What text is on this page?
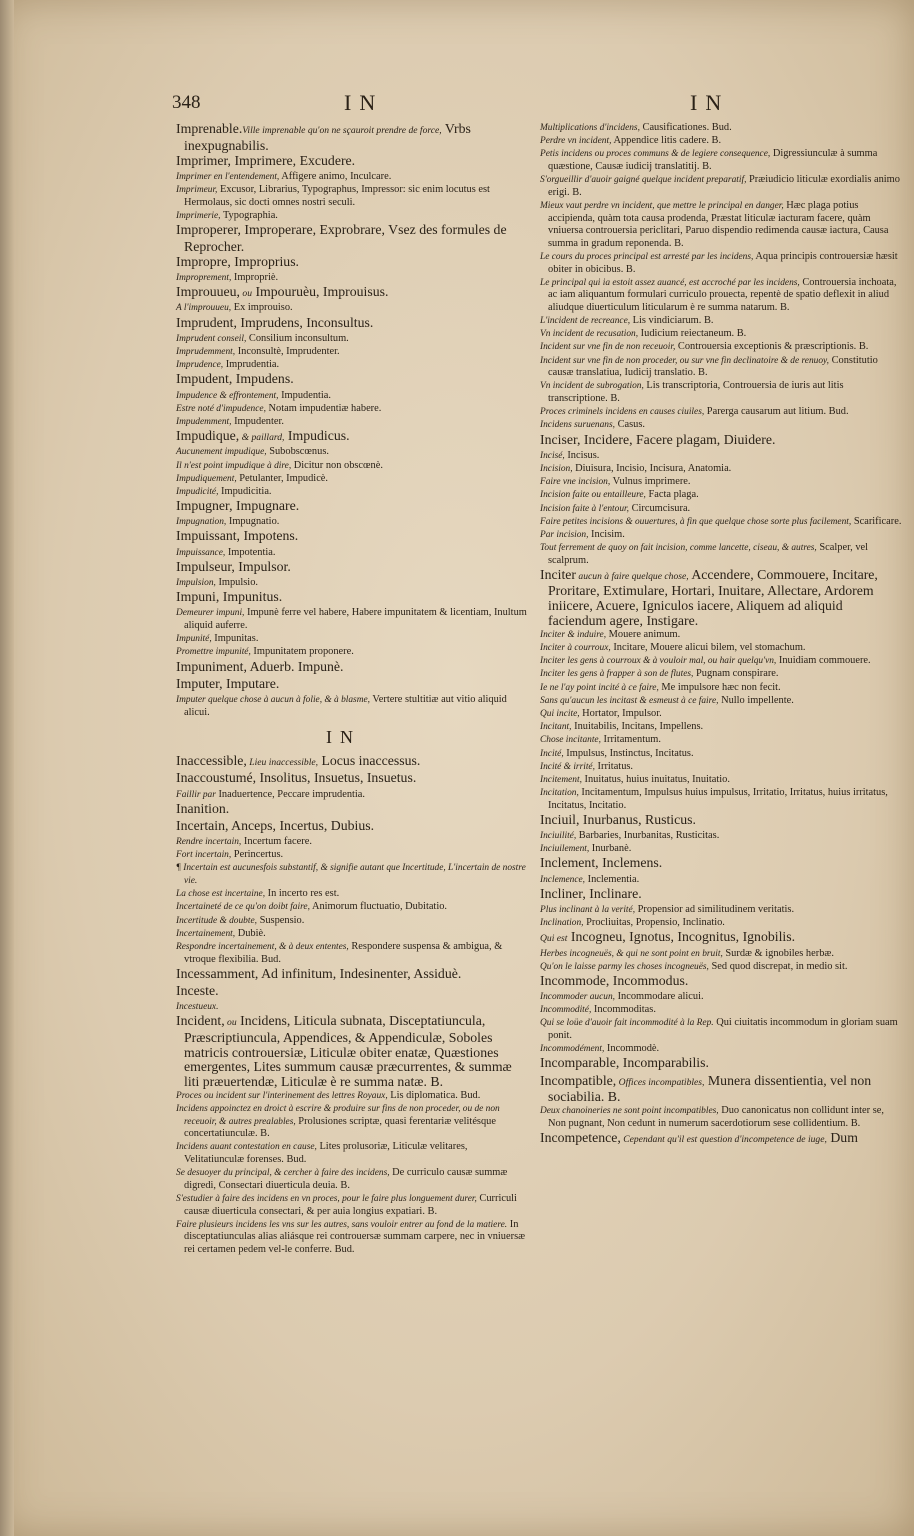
348	IN	IN

Imprenable.Ville imprenable qu'on ne sçauroit prendre de force, Vrbs inexpugnabilis.

Imprimer, Imprimere, Excudere.

Imprimer en l'entendement, Affigere animo, Inculcare.

Imprimeur, Excusor, Librarius, Typographus, Impressor: sic enim locutus est Hermolaus, sic docti omnes nostri seculi.

Imprimerie, Typographia.

Improperer, Improperare, Exprobrare, Vsez des formules de Reprocher.

Impropre, Improprius.

Improprement, Impropriè.

Improuueu, ou Impouruèu, Improuisus.

A l'improuueu, Ex improuiso.

Imprudent, Imprudens, Inconsultus.

Imprudent conseil, Consilium inconsultum.

Imprudemment, Inconsultè, Imprudenter.

Imprudence, Imprudentia.

Impudent, Impudens.

Impudence & effrontement, Impudentia.

Estre noté d'impudence, Notam impudentiæ habere.

Impudemment, Impudenter.

Impudique, & paillard, Impudicus.

Aucunement impudique, Subobscœnus.

Il n'est point impudique à dire, Dicitur non obscœnè.

Impudiquement, Petulanter, Impudicè.

Impudicité, Impudicitia.

Impugner, Impugnare.

Impugnation, Impugnatio.

Impuissant, Impotens.

Impuissance, Impotentia.

Impulseur, Impulsor.

Impulsion, Impulsio.

Impuni, Impunitus.

Demeurer impuni, Impunè ferre vel habere, Habere impunitatem & licentiam, Inultum aliquid auferre.

Impunité, Impunitas.

Promettre impunité, Impunitatem proponere.

Impuniment, Aduerb. Impunè.

Imputer, Imputare.

Imputer quelque chose à aucun à folie, & à blasme, Vertere stultitiæ aut vitio aliquid alicui.

IN

Inaccessible, Lieu inaccessible, Locus inaccessus.

Inaccoustumé, Insolitus, Insuetus, Insuetus.

Faillir par Inaduertence, Peccare imprudentia.

Inanition.

Incertain, Anceps, Incertus, Dubius.

Rendre incertain, Incertum facere.

Fort incertain, Perincertus.

¶ Incertain est aucunesfois substantif, & signifie autant que Incertitude, L'incertain de nostre vie.

La chose est incertaine, In incerto res est.

Incertaineté de ce qu'on doibt faire, Animorum fluctuatio, Dubitatio.

Incertitude & doubte, Suspensio.

Incertainement, Dubiè.

Respondre incertainement, & à deux ententes, Respondere suspensa & ambigua, & vtroque flexibilia. Bud.

Incessamment, Ad infinitum, Indesinenter, Assiduè.

Inceste.

Incestueux.

Incident, ou Incidens, Liticula subnata, Disceptatiuncula, Præscriptiuncula, Appendices, & Appendiculæ, Soboles matricis controuersiæ, Liticulæ obiter enatæ, Quæstiones emergentes, Lites summum causæ præcurrentes, & summæ liti præuertendæ, Liticulæ è re summa natæ. B.

Proces ou incident sur l'interinement des lettres Royaux, Lis diplomatica. Bud.

Incidens appoinctez en droict à escrire & produire sur fins de non proceder, ou de non receuoir, & autres prealables, Prolusiones scriptæ, quasi ferentariæ velitésque concertatiunculæ. B.

Incidens auant contestation en cause, Lites prolusoriæ, Liticulæ velitares, Velitatiunculæ forenses. Bud.

Se desuoyer du principal, & cercher à faire des incidens, De curriculo causæ summæ digredi, Consectari diuerticula deuia. B.

S'estudier à faire des incidens en vn proces, pour le faire plus longuement durer, Curriculi causæ diuerticula consectari, & per auia longius expatiari. B.

Faire plusieurs incidens les vns sur les autres, sans vouloir entrer au fond de la matiere. In disceptatiunculas alias aliásque rei controuersæ summam carpere, nec in vniuersæ rei certamen pedem vel-le conferre. Bud.

Multiplications d'incidens, Causificationes. Bud.

Perdre vn incident, Appendice litis cadere. B.

Petis incidens ou proces communs & de legiere consequence, Digressiunculæ à summa quæstione, Causæ iudicij translatitij. B.

S'orgueillir d'auoir gaigné quelque incident preparatif, Præiudicio liticulæ exordialis animo erigi. B.

Mieux vaut perdre vn incident, que mettre le principal en danger, Hæc plaga potius accipienda, quàm tota causa prodenda, Præstat liticulæ iacturam facere, quàm vniuersa controuersia periclitari, Paruo dispendio redimenda causæ iactura, Causa summa in gradum reponenda. B.

Le cours du proces principal est arresté par les incidens, Aqua principis controuersiæ hæsit obiter in obicibus. B.

Le principal qui ia estoit assez auancé, est accroché par les incidens, Controuersia inchoata, ac iam aliquantum formulari curriculo prouecta, repentè de spatio deflexit in aliud aliudque diuerticulum liticularum è re summa natarum. B.

L'incident de recreance, Lis vindiciarum. B.

Vn incident de recusation, Iudicium reiectaneum. B.

Incident sur vne fin de non receuoir, Controuersia exceptionis & præscriptionis. B.

Incident sur vne fin de non proceder, ou sur vne fin declinatoire & de renuoy, Constitutio causæ translatiua, Iudicij translatio. B.

Vn incident de subrogation, Lis transcriptoria, Controuersia de iuris aut litis transcriptione. B.

Proces criminels incidens en causes ciuiles, Parerga causarum aut litium. Bud.

Incidens suruenans, Casus.

Inciser, Incidere, Facere plagam, Diuidere.

Incisé, Incisus.

Incision, Diuisura, Incisio, Incisura, Anatomia.

Faire vne incision, Vulnus imprimere.

Incision faite ou entailleure, Facta plaga.

Incision faite à l'entour, Circumcisura.

Faire petites incisions & ouuertures, à fin que quelque chose sorte plus facilement, Scarificare.

Par incision, Incisim.

Tout ferrement de quoy on fait incision, comme lancette, ciseau, & autres, Scalper, vel scalprum.

Inciter aucun à faire quelque chose, Accendere, Commouere, Incitare, Proritare, Extimulare, Hortari, Inuitare, Allectare, Ardorem iniicere, Acuere, Igniculos iacere, Aliquem ad aliquid faciendum agere, Instigare.

Inciter & induire, Mouere animum.

Inciter à courroux, Incitare, Mouere alicui bilem, vel stomachum.

Inciter les gens à courroux & à vouloir mal, ou hair quelqu'vn, Inuidiam commouere.

Inciter les gens à frapper à son de flutes, Pugnam conspirare.

Ie ne l'ay point incité à ce faire, Me impulsore hæc non fecit.

Sans qu'aucun les incitast & esmeust à ce faire, Nullo impellente.

Qui incite, Hortator, Impulsor.

Incitant, Inuitabilis, Incitans, Impellens.

Chose incitante, Irritamentum.

Incité, Impulsus, Instinctus, Incitatus.

Incité & irrité, Irritatus.

Incitement, Inuitatus, huius inuitatus, Inuitatio.

Incitation, Incitamentum, Impulsus huius impulsus, Irritatio, Irritatus, huius irritatus, Incitatus, Incitatio.

Inciuil, Inurbanus, Rusticus.

Inciuilité, Barbaries, Inurbanitas, Rusticitas.

Inciuilement, Inurbanè.

Inclement, Inclemens.

Inclemence, Inclementia.

Incliner, Inclinare.

Plus inclinant à la verité, Propensior ad similitudinem veritatis.

Inclination, Procliuitas, Propensio, Inclinatio.

Qui est Incogneu, Ignotus, Incognitus, Ignobilis.

Herbes incogneuës, & qui ne sont point en bruit, Surdæ & ignobiles herbæ.

Qu'on le laisse parmy les choses incogneuës, Sed quod discrepat, in medio sit.

Incommode, Incommodus.

Incommoder aucun, Incommodare alicui.

Incommodité, Incommoditas.

Qui se loüe d'auoir fait incommodité à la Rep. Qui ciuitatis incommodum in gloriam suam ponit.

Incommodément, Incommodè.

Incomparable, Incomparabilis.

Incompatible, Offices incompatibles, Munera dissentientia, vel non sociabilia. B.

Deux chanoineries ne sont point incompatibles, Duo canonicatus non collidunt inter se, Non pugnant, Non cedunt in numerum sacerdotiorum sese collidentium. B.

Incompetence, Cependant qu'il est question d'incompetence de iuge, Dum
